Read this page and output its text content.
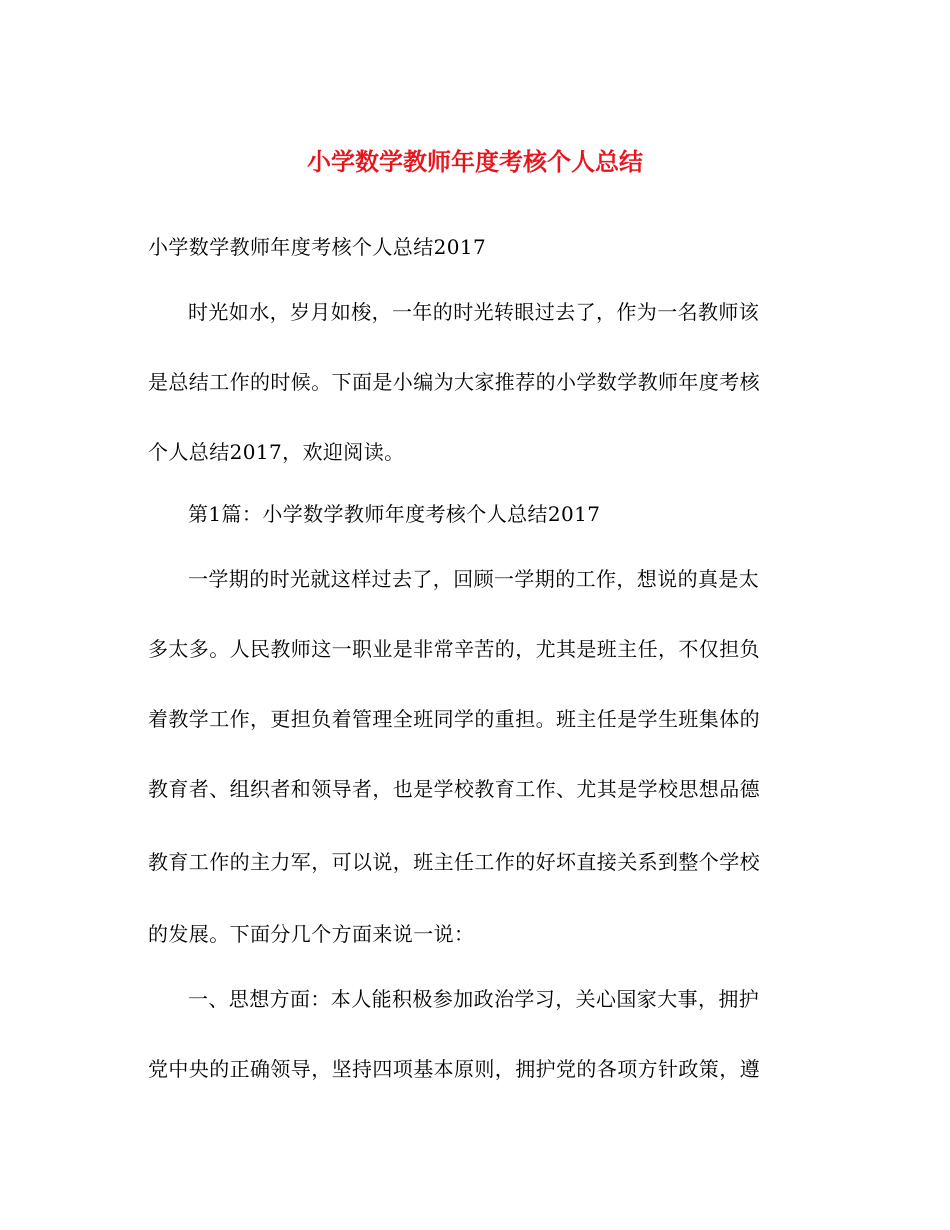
小学数学教师年度考核个人总结
小学数学教师年度考核个人总结2017
时光如水，岁月如梭，一年的时光转眼过去了，作为一名教师该
是总结工作的时候。下面是小编为大家推荐的小学数学教师年度考核
个人总结2017，欢迎阅读。
第1篇：小学数学教师年度考核个人总结2017
一学期的时光就这样过去了，回顾一学期的工作，想说的真是太
多太多。人民教师这一职业是非常辛苦的，尤其是班主任，不仅担负
着教学工作，更担负着管理全班同学的重担。班主任是学生班集体的
教育者、组织者和领导者，也是学校教育工作、尤其是学校思想品德
教育工作的主力军，可以说，班主任工作的好坏直接关系到整个学校
的发展。下面分几个方面来说一说：
一、思想方面：本人能积极参加政治学习，关心国家大事，拥护
党中央的正确领导，坚持四项基本原则，拥护党的各项方针政策，遵
